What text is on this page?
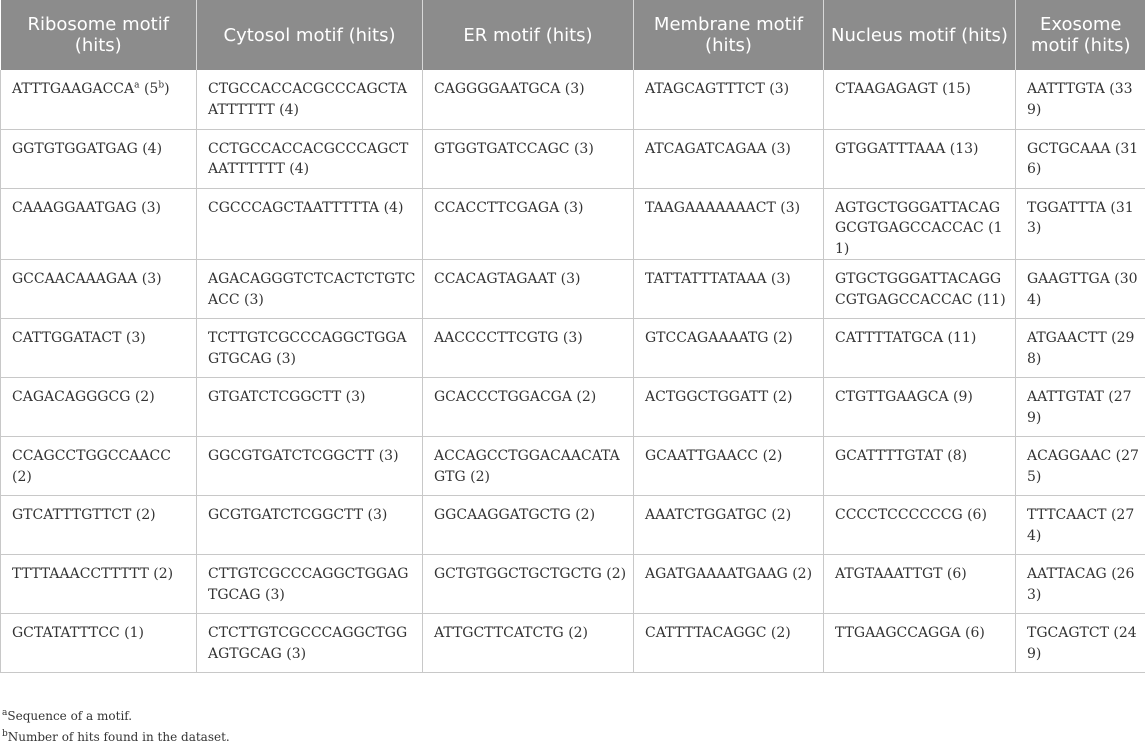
Ribosome motif (hits)	Cytosol motif (hits)	ER motif (hits)	Membrane motif (hits)	Nucleus motif (hits)	Exosome motif (hits)
ATTTGAAGACCA$^a$ (5$^b$)	CTGCCACCACGCCCAGCTAATTTTTT (4)	CAGGGGAATGCA (3)	ATAGCAGTTTCT (3)	CTAAGAGAGT (15)	AATTTGTA (339)
GGTGTGGATGAG (4)	CCTGCCACCACGCCCAGCTAATTTTTT (4)	GTGGTGATCCAGC (3)	ATCAGATCAGAA (3)	GTGGATTTAAA (13)	GCTGCAAA (316)
CAAAGGAATGAG (3)	CGCCCAGCTAATTTTTA (4)	CCACCTTCGAGA (3)	TAAGAAAAAAACT (3)	AGTGCTGGGATTACAGGCGTGAGCCACCAC (11)	TGGATTTA (313)
GCCAACAAAGAA (3)	AGACAGGGTCTCACTCTGTCACC (3)	CCACAGTAGAAT (3)	TATTATTTATAAA (3)	GTGCTGGGATTACAGGCGTGAGCCACCAC (11)	GAAGTTGA (304)
CATTGGATACT (3)	TCTTGTCGCCCAGGCTGGAGTGCAG (3)	AACCCCTTCGTG (3)	GTCCAGAAAATG (2)	CATTTTATGCA (11)	ATGAACTT (298)
CAGACAGGGCG (2)	GTGATCTCGGCTT (3)	GCACCCTGGACGA (2)	ACTGGCTGGATT (2)	CTGTTGAAGCA (9)	AATTGTAT (279)
CCAGCCTGGCCAACC (2)	GGCGTGATCTCGGCTT (3)	ACCAGCCTGGACAACATAGTG (2)	GCAATTGAACC (2)	GCATTTTGTAT (8)	ACAGGAAC (275)
GTCATTTGTTCT (2)	GCGTGATCTCGGCTT (3)	GGCAAGGATGCTG (2)	AAATCTGGATGC (2)	CCCCTCCCCCCG (6)	TTTCAACT (274)
TTTTAAACCTTTTT (2)	CTTGTCGCCCAGGCTGGAGTGCAG (3)	GCTGTGGCTGCTGCTG (2)	AGATGAAAATGAAG (2)	ATGTAAATTGT (6)	AATTACAG (263)
GCTATATTTCC (1)	CTCTTGTCGCCCAGGCTGGAGTGCAG (3)	ATTGCTTCATCTG (2)	CATTTTACAGGC (2)	TTGAAGCCAGGA (6)	TGCAGTCT (249)
$^a$Sequence of a motif.
$^b$Number of hits found in the dataset.
